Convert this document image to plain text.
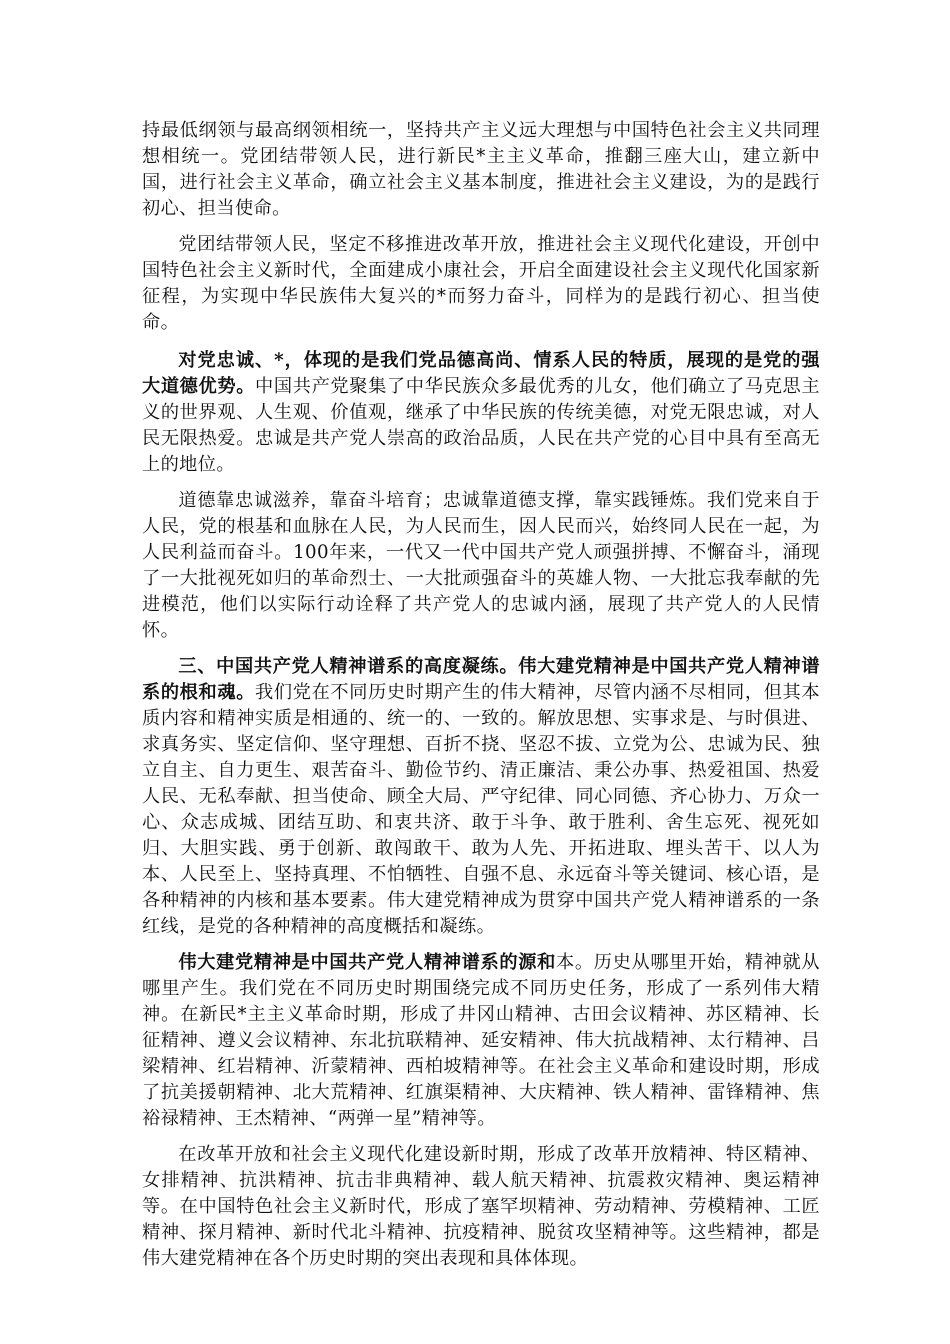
持最低纲领与最高纲领相统一，坚持共产主义远大理想与中国特色社会主义共同理想相统一。党团结带领人民，进行新民*主主义革命，推翻三座大山，建立新中国，进行社会主义革命，确立社会主义基本制度，推进社会主义建设，为的是践行初心、担当使命。

党团结带领人民，坚定不移推进改革开放，推进社会主义现代化建设，开创中国特色社会主义新时代，全面建成小康社会，开启全面建设社会主义现代化国家新征程，为实现中华民族伟大复兴的*而努力奋斗，同样为的是践行初心、担当使命。

对党忠诚、*，体现的是我们党品德高尚、情系人民的特质，展现的是党的强大道德优势。中国共产党聚集了中华民族众多最优秀的儿女，他们确立了马克思主义的世界观、人生观、价值观，继承了中华民族的传统美德，对党无限忠诚，对人民无限热爱。忠诚是共产党人崇高的政治品质，人民在共产党的心目中具有至高无上的地位。

道德靠忠诚滋养，靠奋斗培育；忠诚靠道德支撑，靠实践锤炼。我们党来自于人民，党的根基和血脉在人民，为人民而生，因人民而兴，始终同人民在一起，为人民利益而奋斗。100年来，一代又一代中国共产党人顽强拼搏、不懈奋斗，涌现了一大批视死如归的革命烈士、一大批顽强奋斗的英雄人物、一大批忘我奉献的先进模范，他们以实际行动诠释了共产党人的忠诚内涵，展现了共产党人的人民情怀。

三、中国共产党人精神谱系的高度凝练。伟大建党精神是中国共产党人精神谱系的根和魂。我们党在不同历史时期产生的伟大精神，尽管内涵不尽相同，但其本质内容和精神实质是相通的、统一的、一致的。解放思想、实事求是、与时俱进、求真务实、坚定信仰、坚守理想、百折不挠、坚忍不拔、立党为公、忠诚为民、独立自主、自力更生、艰苦奋斗、勤俭节约、清正廉洁、秉公办事、热爱祖国、热爱人民、无私奉献、担当使命、顾全大局、严守纪律、同心同德、齐心协力、万众一心、众志成城、团结互助、和衷共济、敢于斗争、敢于胜利、舍生忘死、视死如归、大胆实践、勇于创新、敢闯敢干、敢为人先、开拓进取、埋头苦干、以人为本、人民至上、坚持真理、不怕牺牲、自强不息、永远奋斗等关键词、核心语，是各种精神的内核和基本要素。伟大建党精神成为贯穿中国共产党人精神谱系的一条红线，是党的各种精神的高度概括和凝练。

伟大建党精神是中国共产党人精神谱系的源和本。历史从哪里开始，精神就从哪里产生。我们党在不同历史时期围绕完成不同历史任务，形成了一系列伟大精神。在新民*主主义革命时期，形成了井冈山精神、古田会议精神、苏区精神、长征精神、遵义会议精神、东北抗联精神、延安精神、伟大抗战精神、太行精神、吕梁精神、红岩精神、沂蒙精神、西柏坡精神等。在社会主义革命和建设时期，形成了抗美援朝精神、北大荒精神、红旗渠精神、大庆精神、铁人精神、雷锋精神、焦裕禄精神、王杰精神、“两弹一星”精神等。

在改革开放和社会主义现代化建设新时期，形成了改革开放精神、特区精神、女排精神、抗洪精神、抗击非典精神、载人航天精神、抗震救灾精神、奥运精神等。在中国特色社会主义新时代，形成了塞罕坝精神、劳动精神、劳模精神、工匠精神、探月精神、新时代北斗精神、抗疫精神、脱贫攻坚精神等。这些精神，都是伟大建党精神在各个历史时期的突出表现和具体体现。
